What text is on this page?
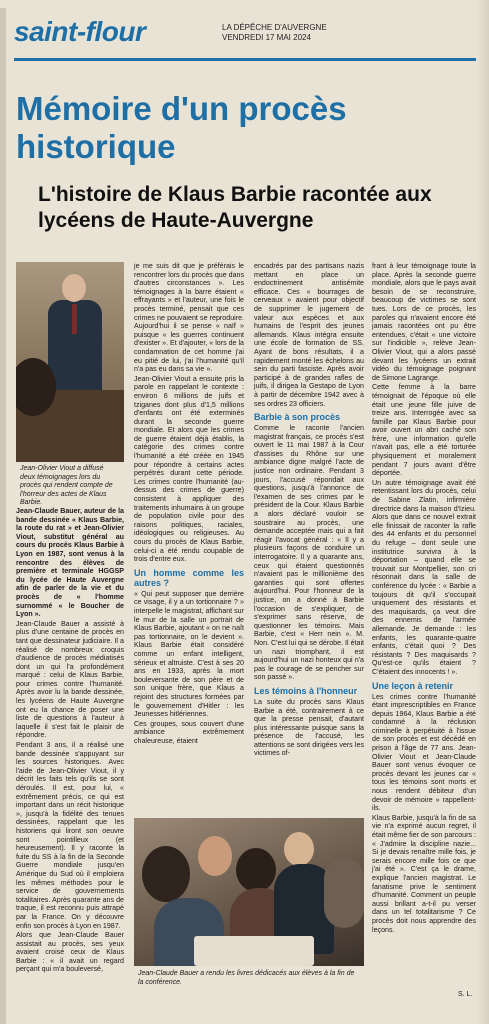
saint-flour	LA DÉPÊCHE D'AUVERGNE
VENDREDI 17 MAI 2024
Mémoire d'un procès historique
L'histoire de Klaus Barbie racontée aux lycéens de Haute-Auvergne
Jean-Olivier Viout a diffusé deux témoignages lors du procès qui rendent compte de l'horreur des actes de Klaus Barbie.

Jean-Claude Bauer, auteur de la bande dessinée « Klaus Barbie, la route du rat » et Jean-Olivier Viout, substitut général au cours du procès Klaus Barbie à Lyon en 1987, sont venus à la rencontre des élèves de première et terminale HGGSP du lycée de Haute Auvergne afin de parler de la vie et du procès de « l'homme surnommé « le Boucher de Lyon ».

Jean-Claude Bauer a assisté à plus d'une centaine de procès en tant que dessinateur judiciaire. Il a réalisé de nombreux croquis d'audience de procès médiatisés dont un qui l'a profondément marqué : celui de Klaus Barbie, pour crimes contre l'humanité. Après avoir lu la bande dessinée, les lycéens de Haute Auvergne ont eu la chance de poser une liste de questions à l'auteur à laquelle il s'est fait le plaisir de répondre.

Pendant 3 ans, il a réalisé une bande dessinée s'appuyant sur les sources historiques. Avec l'aide de Jean-Olivier Viout, il y décrit les faits tels qu'ils se sont déroulés. Il est, pour lui, « extrêmement précis, ce qui est important dans un récit historique », jusqu'à la fidélité des tenues dessinées, rappelant que les historiens qui liront son oeuvre sont pointilleux (et heureusement). Il y raconte la fuite du SS à la fin de la Seconde Guerre mondiale jusqu'en Amérique du Sud où il emploiera les mêmes méthodes pour le service de gouvernements totalitaires. Après quarante ans de traque, il est reconnu puis attrapé par la France. On y découvre enfin son procès à Lyon en 1987.

Alors que Jean-Claude Bauer assistait au procès, ses yeux avaient croisé ceux de Klaus Barbie : « il avait un regard perçant qui m'a bouleversé,

je me suis dit que je préférais le rencontrer lors du procès que dans d'autres circonstances ». Les témoignages à la barre étaient « effrayants » et l'auteur, une fois le procès terminé, pensait que ces crimes ne pouvaient se reproduire. Aujourd'hui il se pense « naïf » puisque « les guerres continuent d'exister ». Et d'ajouter, « lors de la condamnation de cet homme j'ai eu pitié de lui, j'ai l'humanité qu'il n'a pas eu dans sa vie ».

Jean-Olivier Viout a ensuite pris la parole en rappelant le contexte : environ 6 millions de juifs et tziganes dont plus d'1,5 millions d'enfants ont été exterminés durant la seconde guerre mondiale. Et alors que les crimes de guerre étaient déjà établis, la catégorie des crimes contre l'humanité a été créée en 1945 pour répondre à certains actes perpétrés durant cette période. Les crimes contre l'humanité (au-dessus des crimes de guerre) consistent à appliquer des traitements inhumains à un groupe de population civile pour des raisons politiques, raciales, idéologiques ou religieuses. Au cours du procès de Klaus Barbie, celui-ci a été rendu coupable de trois d'entre eux.

Un homme comme les autres ?

« Qui peut supposer que derrière ce visage, il y a un tortionnaire ? » interpelle le magistrat, affichant sur le mur de la salle un portrait de Klaus Barbie, ajoutant « on ne naît pas tortionnaire, on le devient ». Klaus Barbie était considéré comme un enfant intelligent, sérieux et altruiste. C'est à ses 20 ans en 1933, après la mort bouleversante de son père et de son unique frère, que Klaus a rejoint des structures formées par le gouvernement d'Hitler : les Jeunesses hitlériennes.

Ces groupes, sous couvert d'une ambiance extrêmement chaleureuse, étaient

encadrés par des partisans nazis mettant en place un endoctrinement antisémite efficace. Ces « bourrages de cerveaux » avaient pour objectif de supprimer le jugement de valeur aux espèces et aux humains de l'esprit des jeunes allemands. Klaus intégra ensuite une école de formation de SS. Ayant de bons résultats, il a rapidement monté les échelons au sein du parti fasciste. Après avoir participé à de grandes rafles de juifs, il dirigea la Gestapo de Lyon à partir de décembre 1942 avec à ses ordres 23 officiers.

Barbie à son procès

Comme le raconte l'ancien magistrat français, ce procès s'est ouvert le 11 mai 1987 à la Cour d'assises du Rhône sur une ambiance digne malgré l'acte de justice non ordinaire. Pendant 3 jours, l'accusé répondait aux questions, jusqu'à l'annonce de l'examen de ses crimes par le président de la Cour. Klaus Barbie a alors déclaré vouloir se soustraire au procès, une demande acceptée mais qui a fait réagir l'avocat général : « Il y a plusieurs façons de conduire un interrogatoire. Il y a quarante ans, ceux qui étaient questionnés n'avaient pas le millionième des garanties qui sont offertes aujourd'hui. Pour l'honneur de la justice, on a donné à Barbie l'occasion de s'expliquer, de s'exprimer sans réserve, de questionner les témoins. Mais Barbie, c'est « Herr nein ». M. Non. C'est lui qui se dérobe. Il était un nazi triomphant, il est aujourd'hui un nazi honteux qui n'a pas le courage de se pencher sur son passé ».

Les témoins à l'honneur

La suite du procès sans Klaus Barbie a été, contrairement à ce que la presse pensait, d'autant plus intéressante puisque sans la présence de l'accusé, les attentions se sont dirigées vers les victimes of-

frant à leur témoignage toute la place. Après la seconde guerre mondiale, alors que le pays avait besoin de se reconstruire, beaucoup de victimes se sont tues. Lors de ce procès, les paroles qui n'avaient encore été jamais racontées ont pu être entendues, c'était « une victoire sur l'indicible », relève Jean-Olivier Viout, qui a alors passé devant les lycéens un extrait vidéo du témoignage poignant de Simone Lagrange.

Cette femme à la barre témoignait de l'époque où elle était une jeune fille juive de treize ans. Interrogée avec sa famille par Klaus Barbie pour avoir ouvert un abri caché son frère, une information qu'elle n'avait pas, elle a été torturée physiquement et moralement pendant 7 jours avant d'être déportée.

Un autre témoignage avait été retentissant lors du procès, celui de Sabine Zlatin, infirmière directrice dans la maison d'Izieu. Alors que dans ce nouvel extrait elle finissait de raconter la rafle des 44 enfants et du personnel du refuge – dont seule une institutrice survivra à la déportation – quand elle se trouvait sur Montpellier, son cri résonnait dans la salle de conférence du lycée : « Barbie a toujours dit qu'il s'occupait uniquement des résistants et des maquisards, ça veut dire des ennemis de l'armée allemande. Je demande : les enfants, les quarante-quatre enfants, c'était quoi ? Des résistants ? Des maquisards ? Qu'est-ce qu'ils étaient ? C'étaient des innocents ! ».

Une leçon à retenir

Les crimes contre l'humanité étant imprescriptibles en France depuis 1964, Klaus Barbie a été condamné à la réclusion criminelle à perpétuité à l'issue de son procès et est décédé en prison à l'âge de 77 ans. Jean-Olivier Viout et Jean-Claude Bauer sont venus évoquer ce procès devant les jeunes car « tous les témoins sont morts et nous rendent débiteur d'un devoir de mémoire » rappellent-ils.

Klaus Barbie, jusqu'à la fin de sa vie n'a exprimé aucun regret, il était même fier de son parcours : « J'admire la discipline nazie... Si je devais renaître mille fois, je serais encore mille fois ce que j'ai été ». C'est ça le drame, explique l'ancien magistrat. Le fanatisme prive le sentiment d'humanité. Comment un peuple aussi brillant a-t-il pu verser dans un tel totalitarisme ? Ce procès doit nous apprendre des leçons.

Jean-Claude Bauer a rendu les livres dédicacés aux élèves à la fin de la conférence.
S. L.
